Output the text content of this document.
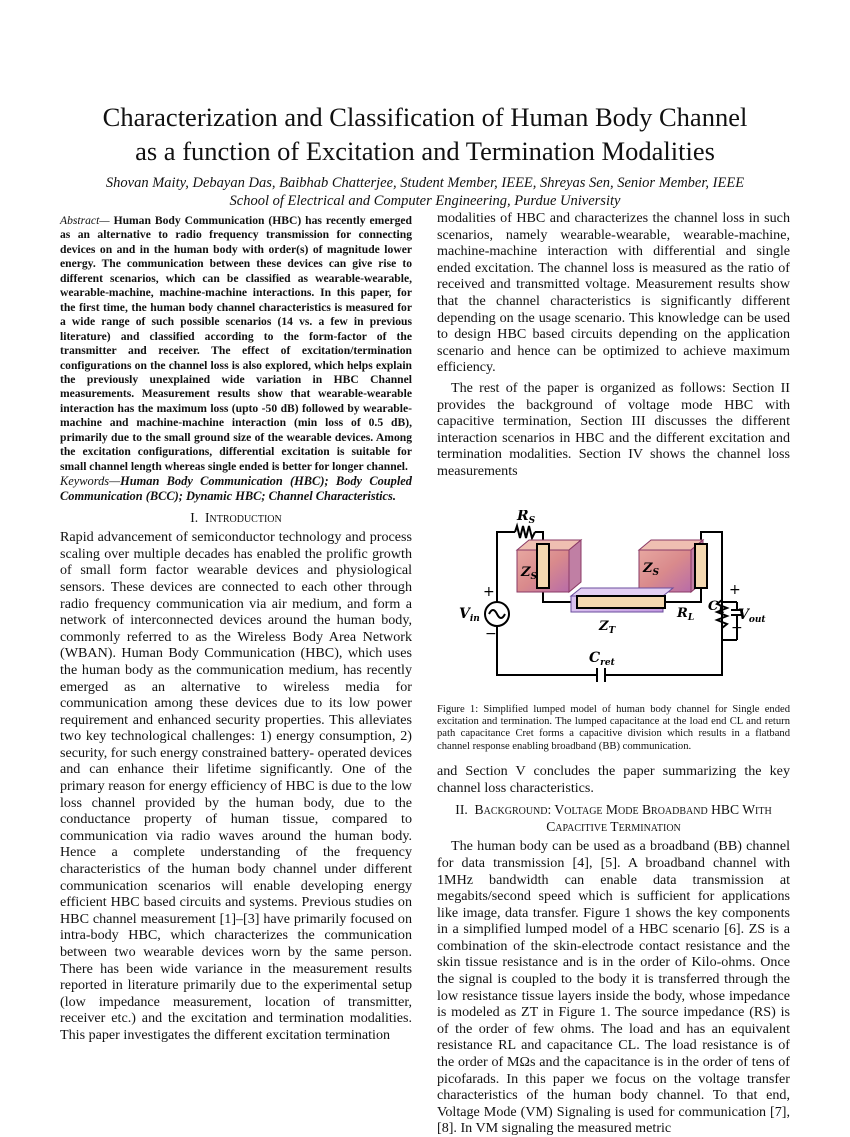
Characterization and Classification of Human Body Channel
as a function of Excitation and Termination Modalities
Shovan Maity, Debayan Das, Baibhab Chatterjee, Student Member, IEEE, Shreyas Sen, Senior Member, IEEE
School of Electrical and Computer Engineering, Purdue University

Abstract— Human Body Communication (HBC) has recently emerged as an alternative to radio frequency transmission for connecting devices on and in the human body with order(s) of magnitude lower energy. The communication between these devices can give rise to different scenarios, which can be classified as wearable-wearable, wearable-machine, machine-machine interactions. In this paper, for the first time, the human body channel characteristics is measured for a wide range of such possible scenarios (14 vs. a few in previous literature) and classified according to the form-factor of the transmitter and receiver. The effect of excitation/termination configurations on the channel loss is also explored, which helps explain the previously unexplained wide variation in HBC Channel measurements. Measurement results show that wearable-wearable interaction has the maximum loss (upto -50 dB) followed by wearable-machine and machine-machine interaction (min loss of 0.5 dB), primarily due to the small ground size of the wearable devices. Among the excitation configurations, differential excitation is suitable for small channel length whereas single ended is better for longer channel.

Keywords—Human Body Communication (HBC); Body Coupled Communication (BCC); Dynamic HBC; Channel Characteristics.

I. Introduction

Rapid advancement of semiconductor technology and process scaling over multiple decades has enabled the prolific growth of small form factor wearable devices and physiological sensors. These devices are connected to each other through radio frequency communication via air medium, and form a network of interconnected devices around the human body, commonly referred to as the Wireless Body Area Network (WBAN). Human Body Communication (HBC), which uses the human body as the communication medium, has recently emerged as an alternative to wireless media for communication among these devices due to its low power requirement and enhanced security properties. This alleviates two key technological challenges: 1) energy consumption, 2) security, for such energy constrained battery- operated devices and can enhance their lifetime significantly. One of the primary reason for energy efficiency of HBC is due to the low loss channel provided by the human body, due to the conductance property of human tissue, compared to communication via radio waves around the human body. Hence a complete understanding of the frequency characteristics of the human body channel under different communication scenarios will enable developing energy efficient HBC based circuits and systems. Previous studies on HBC channel measurement [1]–[3] have primarily focused on intra-body HBC, which characterizes the communication between two wearable devices worn by the same person. There has been wide variance in the measurement results reported in literature primarily due to the experimental setup (low impedance measurement, location of transmitter, receiver etc.) and the excitation and termination modalities. This paper investigates the different excitation termination

modalities of HBC and characterizes the channel loss in such scenarios, namely wearable-wearable, wearable-machine, machine-machine interaction with differential and single ended excitation. The channel loss is measured as the ratio of received and transmitted voltage. Measurement results show that the channel characteristics is significantly different depending on the usage scenario. This knowledge can be used to design HBC based circuits depending on the application scenario and hence can be optimized to achieve maximum efficiency.

The rest of the paper is organized as follows: Section II provides the background of voltage mode HBC with capacitive termination, Section III discusses the different interaction scenarios in HBC and the different excitation and termination modalities. Section IV shows the channel loss measurements

$R_S$
$Z_S$
$Z_S$
$V_{in}$	$Z_T$
$R_L$
$C_L$ $V_{out}$
$C_{ret}$
+
−
+
−

Figure 1: Simplified lumped model of human body channel for Single ended excitation and termination. The lumped capacitance at the load end CL and return path capacitance Cret forms a capacitive division which results in a flatband channel response enabling broadband (BB) communication.

and Section V concludes the paper summarizing the key channel loss characteristics.

II. Background: Voltage Mode Broadband HBC With
Capacitive Termination

The human body can be used as a broadband (BB) channel for data transmission [4], [5]. A broadband channel with 1MHz bandwidth can enable data transmission at megabits/second speed which is sufficient for applications like image, data transfer. Figure 1 shows the key components in a simplified lumped model of a HBC scenario [6]. ZS is a combination of the skin-electrode contact resistance and the skin tissue resistance and is in the order of Kilo-ohms. Once the signal is coupled to the body it is transferred through the low resistance tissue layers inside the body, whose impedance is modeled as ZT in Figure 1. The source impedance (RS) is of the order of few ohms. The load and has an equivalent resistance RL and capacitance CL. The load resistance is of the order of MΩs and the capacitance is in the order of tens of picofarads. In this paper we focus on the voltage transfer characteristics of the human body channel. To that end, Voltage Mode (VM) Signaling is used for communication [7], [8]. In VM signaling the measured metric
